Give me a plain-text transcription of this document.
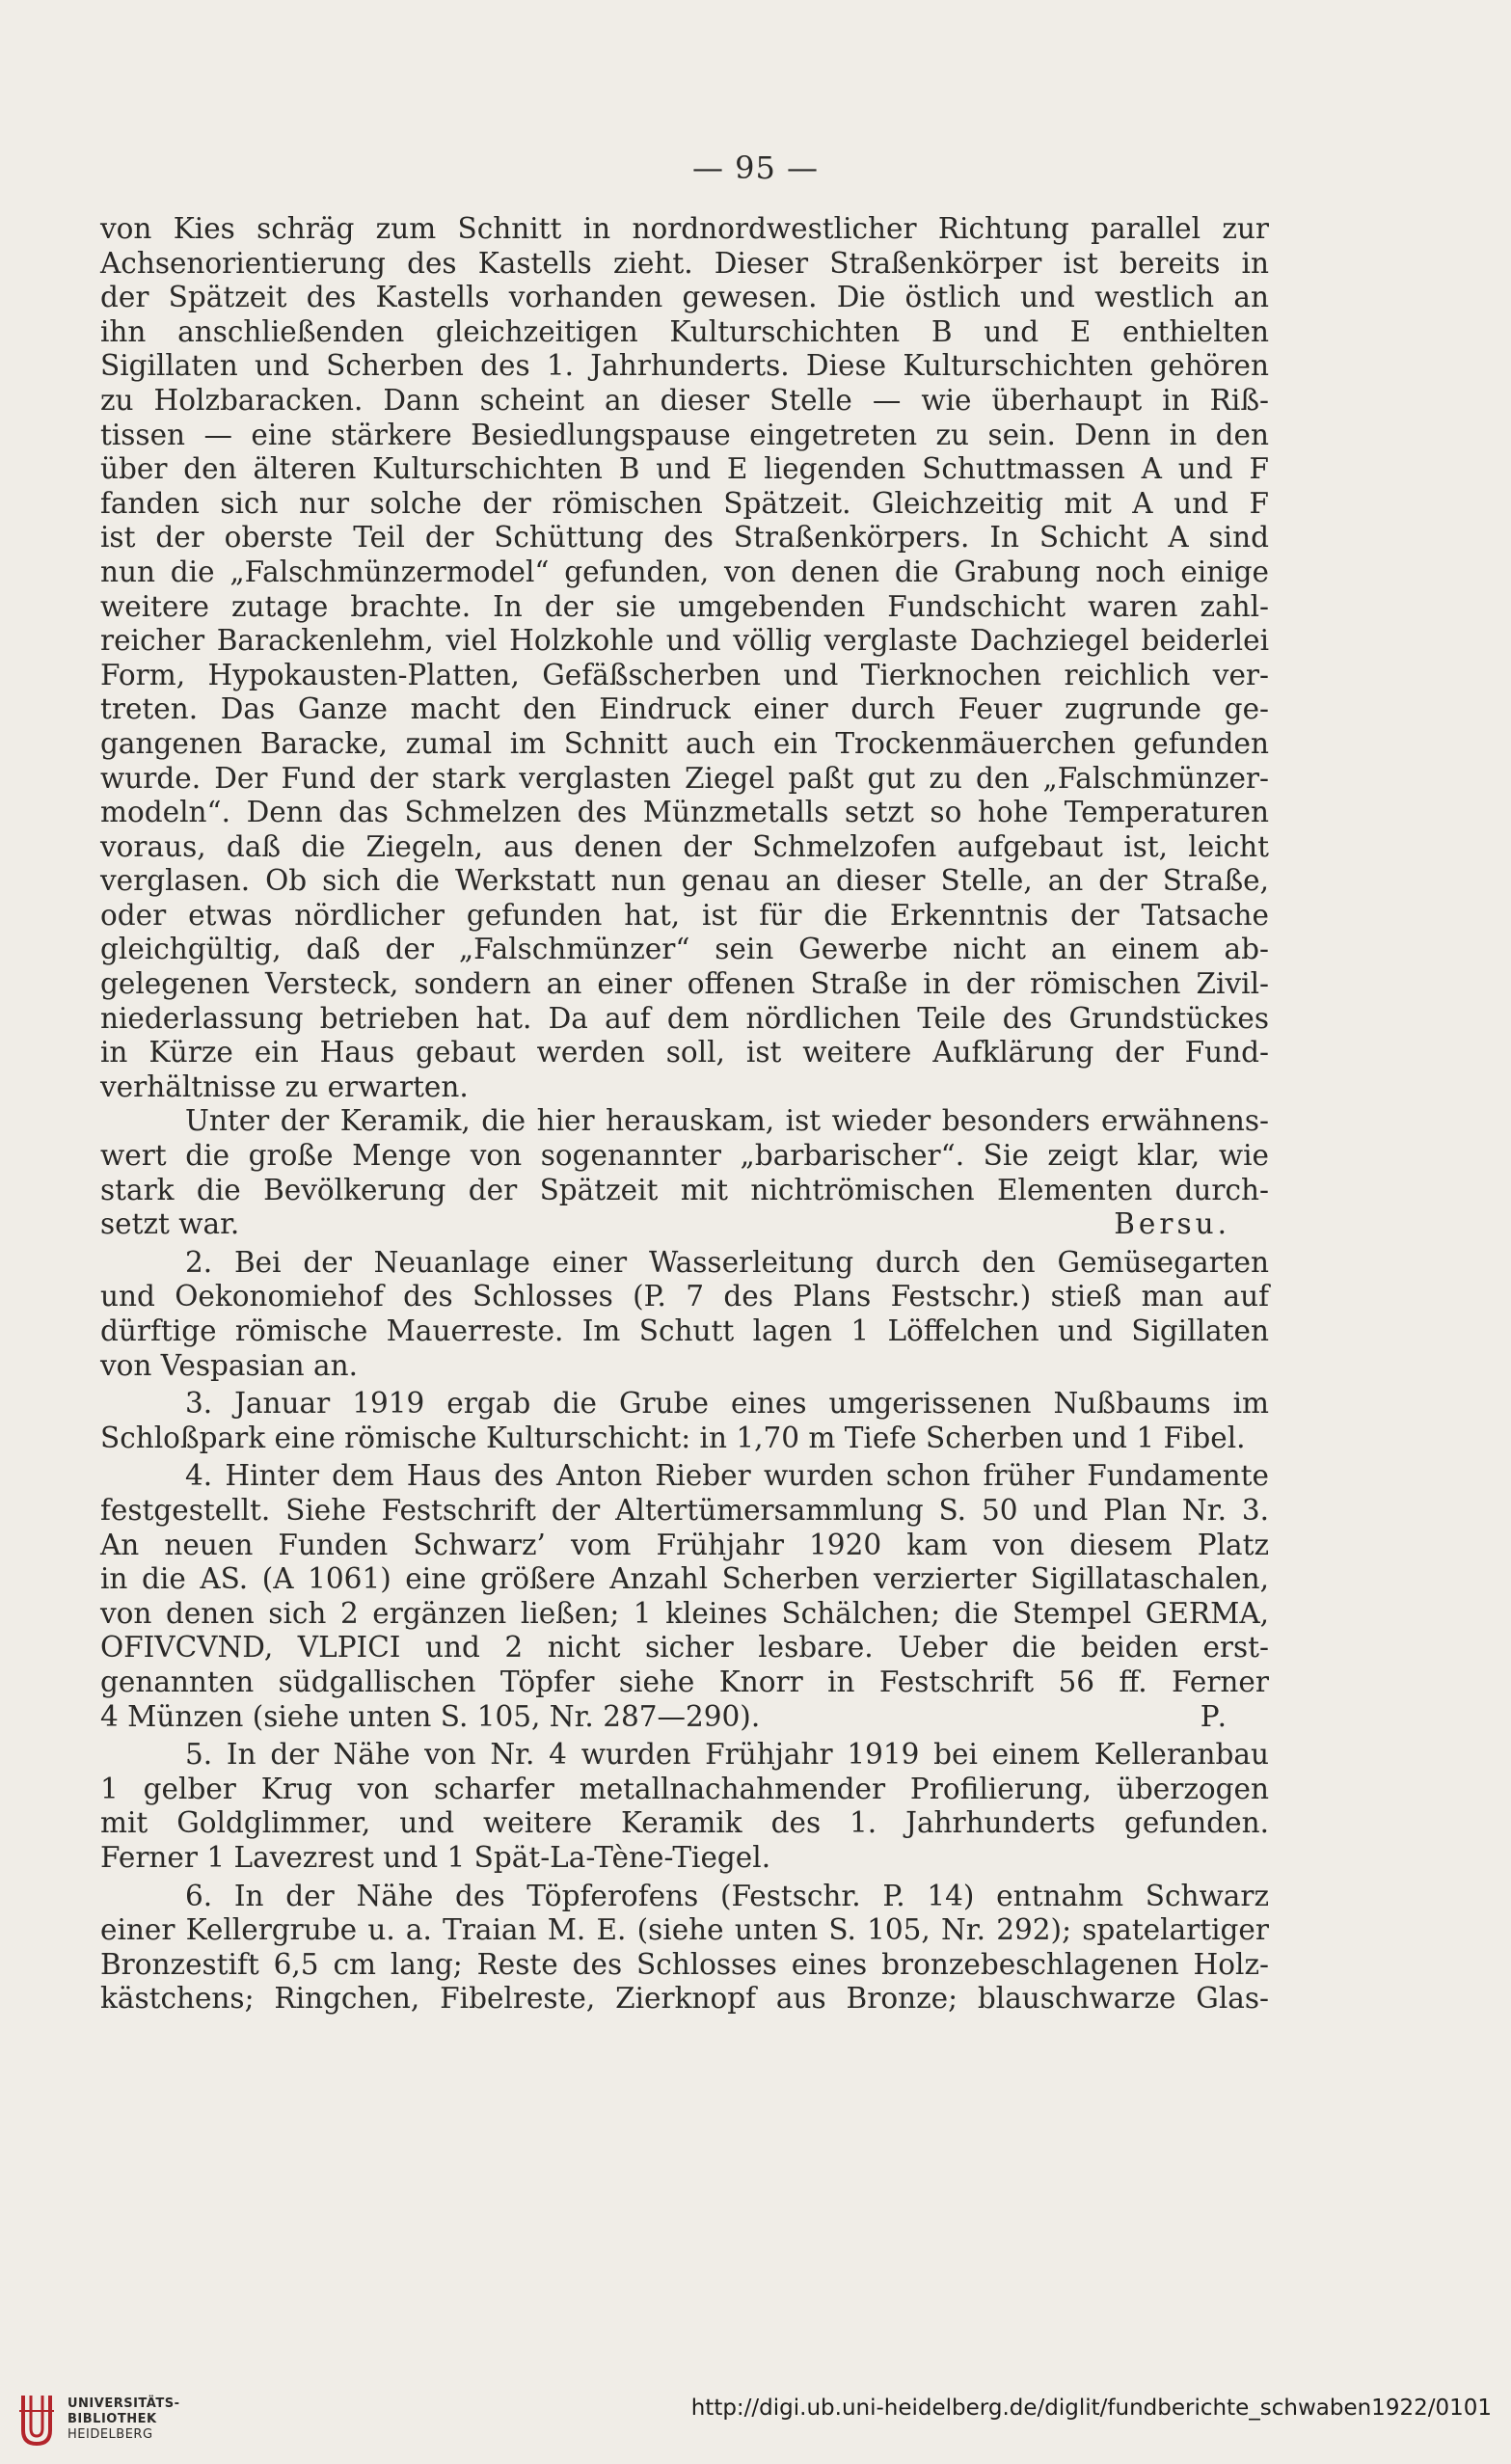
— 95 —
von Kies schräg zum Schnitt in nordnordwestlicher Richtung parallel zur
Achsenorientierung des Kastells zieht. Dieser Straßenkörper ist bereits in
der Spätzeit des Kastells vorhanden gewesen. Die östlich und westlich an
ihn anschließenden gleichzeitigen Kulturschichten B und E enthielten
Sigillaten und Scherben des 1. Jahrhunderts. Diese Kulturschichten gehören
zu Holzbaracken. Dann scheint an dieser Stelle — wie überhaupt in Riß-
tissen — eine stärkere Besiedlungspause eingetreten zu sein. Denn in den
über den älteren Kulturschichten B und E liegenden Schuttmassen A und F
fanden sich nur solche der römischen Spätzeit. Gleichzeitig mit A und F
ist der oberste Teil der Schüttung des Straßenkörpers. In Schicht A sind
nun die „Falschmünzermodel“ gefunden, von denen die Grabung noch einige
weitere zutage brachte. In der sie umgebenden Fundschicht waren zahl-
reicher Barackenlehm, viel Holzkohle und völlig verglaste Dachziegel beiderlei
Form, Hypokausten-Platten, Gefäßscherben und Tierknochen reichlich ver-
treten. Das Ganze macht den Eindruck einer durch Feuer zugrunde ge-
gangenen Baracke, zumal im Schnitt auch ein Trockenmäuerchen gefunden
wurde. Der Fund der stark verglasten Ziegel paßt gut zu den „Falschmünzer-
modeln“. Denn das Schmelzen des Münzmetalls setzt so hohe Temperaturen
voraus, daß die Ziegeln, aus denen der Schmelzofen aufgebaut ist, leicht
verglasen. Ob sich die Werkstatt nun genau an dieser Stelle, an der Straße,
oder etwas nördlicher gefunden hat, ist für die Erkenntnis der Tatsache
gleichgültig, daß der „Falschmünzer“ sein Gewerbe nicht an einem ab-
gelegenen Versteck, sondern an einer offenen Straße in der römischen Zivil-
niederlassung betrieben hat. Da auf dem nördlichen Teile des Grundstückes
in Kürze ein Haus gebaut werden soll, ist weitere Aufklärung der Fund-
verhältnisse zu erwarten.
Unter der Keramik, die hier herauskam, ist wieder besonders erwähnens-
wert die große Menge von sogenannter „barbarischer“. Sie zeigt klar, wie
stark die Bevölkerung der Spätzeit mit nichtrömischen Elementen durch-
setzt war.	Bersu.
2. Bei der Neuanlage einer Wasserleitung durch den Gemüsegarten
und Oekonomiehof des Schlosses (P. 7 des Plans Festschr.) stieß man auf
dürftige römische Mauerreste. Im Schutt lagen 1 Löffelchen und Sigillaten
von Vespasian an.
3. Januar 1919 ergab die Grube eines umgerissenen Nußbaums im
Schloßpark eine römische Kulturschicht: in 1,70 m Tiefe Scherben und 1 Fibel.
4. Hinter dem Haus des Anton Rieber wurden schon früher Fundamente
festgestellt. Siehe Festschrift der Altertümersammlung S. 50 und Plan Nr. 3.
An neuen Funden Schwarz’ vom Frühjahr 1920 kam von diesem Platz
in die AS. (A 1061) eine größere Anzahl Scherben verzierter Sigillataschalen,
von denen sich 2 ergänzen ließen; 1 kleines Schälchen; die Stempel GERMA,
OFIVCVND, VLPICI und 2 nicht sicher lesbare. Ueber die beiden erst-
genannten südgallischen Töpfer siehe Knorr in Festschrift 56 ff. Ferner
4 Münzen (siehe unten S. 105, Nr. 287—290).	P.
5. In der Nähe von Nr. 4 wurden Frühjahr 1919 bei einem Kelleranbau
1 gelber Krug von scharfer metallnachahmender Profilierung, überzogen
mit Goldglimmer, und weitere Keramik des 1. Jahrhunderts gefunden.
Ferner 1 Lavezrest und 1 Spät-La-Tène-Tiegel.
6. In der Nähe des Töpferofens (Festschr. P. 14) entnahm Schwarz
einer Kellergrube u. a. Traian M. E. (siehe unten S. 105, Nr. 292); spatelartiger
Bronzestift 6,5 cm lang; Reste des Schlosses eines bronzebeschlagenen Holz-
kästchens; Ringchen, Fibelreste, Zierknopf aus Bronze; blauschwarze Glas-
UNIVERSITÄTS-
BIBLIOTHEK
HEIDELBERG
http://digi.ub.uni-heidelberg.de/diglit/fundberichte_schwaben1922/0101
